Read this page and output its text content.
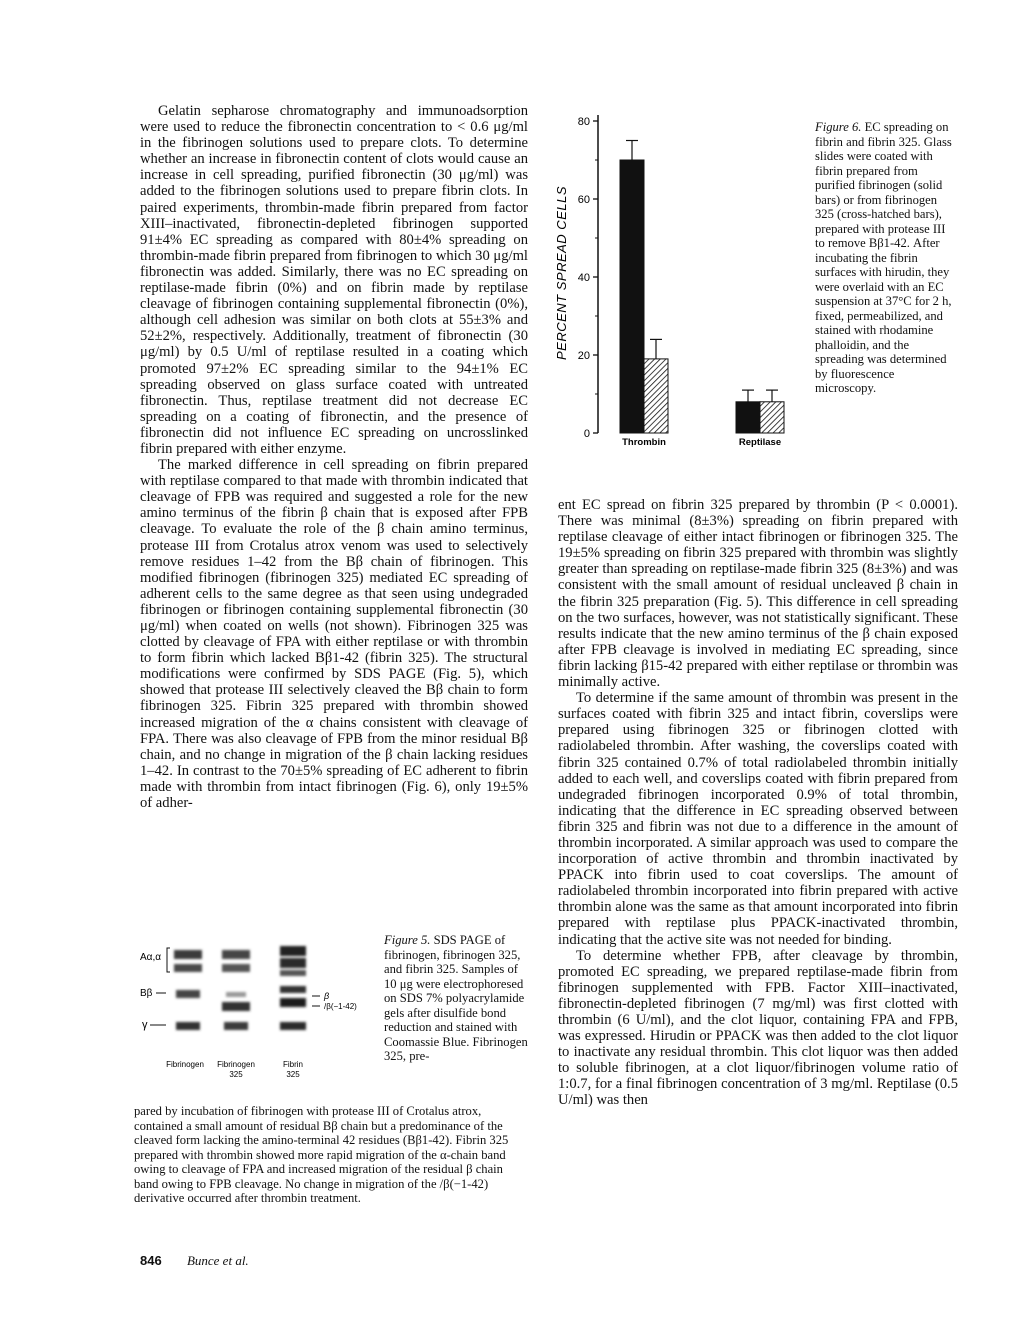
Gelatin sepharose chromatography and immunoadsorption were used to reduce the fibronectin concentration to < 0.6 μg/ml in the fibrinogen solutions used to prepare clots. To determine whether an increase in fibronectin content of clots would cause an increase in cell spreading, purified fibronectin (30 μg/ml) was added to the fibrinogen solutions used to prepare fibrin clots. In paired experiments, thrombin-made fibrin prepared from factor XIII–inactivated, fibronectin-depleted fibrinogen supported 91±4% EC spreading as compared with 80±4% spreading on thrombin-made fibrin prepared from fibrinogen to which 30 μg/ml fibronectin was added. Similarly, there was no EC spreading on reptilase-made fibrin (0%) and on fibrin made by reptilase cleavage of fibrinogen containing supplemental fibronectin (0%), although cell adhesion was similar on both clots at 55±3% and 52±2%, respectively. Additionally, treatment of fibronectin (30 μg/ml) by 0.5 U/ml of reptilase resulted in a coating which promoted 97±2% EC spreading similar to the 94±1% EC spreading observed on glass surface coated with untreated fibronectin. Thus, reptilase treatment did not decrease EC spreading on a coating of fibronectin, and the presence of fibronectin did not influence EC spreading on uncrosslinked fibrin prepared with either enzyme.

The marked difference in cell spreading on fibrin prepared with reptilase compared to that made with thrombin indicated that cleavage of FPB was required and suggested a role for the new amino terminus of the fibrin β chain that is exposed after FPB cleavage. To evaluate the role of the β chain amino terminus, protease III from Crotalus atrox venom was used to selectively remove residues 1–42 from the Bβ chain of fibrinogen. This modified fibrinogen (fibrinogen 325) mediated EC spreading of adherent cells to the same degree as that seen using undegraded fibrinogen or fibrinogen containing supplemental fibronectin (30 μg/ml) when coated on wells (not shown). Fibrinogen 325 was clotted by cleavage of FPA with either reptilase or with thrombin to form fibrin which lacked Bβ1-42 (fibrin 325). The structural modifications were confirmed by SDS PAGE (Fig. 5), which showed that protease III selectively cleaved the Bβ chain to form fibrinogen 325. Fibrin 325 prepared with thrombin showed increased migration of the α chains consistent with cleavage of FPA. There was also cleavage of FPB from the minor residual Bβ chain, and no change in migration of the β chain lacking residues 1–42. In contrast to the 70±5% spreading of EC adherent to fibrin made with thrombin from intact fibrinogen (Fig. 6), only 19±5% of adher-

0
20
40
60
80
PERCENT SPREAD CELLS
Thrombin	Reptilase
Figure 6. EC spreading on fibrin and fibrin 325. Glass slides were coated with fibrin prepared from purified fibrinogen (solid bars) or from fibrinogen 325 (cross-hatched bars), prepared with protease III to remove Bβ1-42. After incubating the fibrin surfaces with hirudin, they were overlaid with an EC suspension at 37°C for 2 h, fixed, permeabilized, and stained with rhodamine phalloidin, and the spreading was determined by fluorescence microscopy.

ent EC spread on fibrin 325 prepared by thrombin (P < 0.0001). There was minimal (8±3%) spreading on fibrin prepared with reptilase cleavage of either intact fibrinogen or fibrinogen 325. The 19±5% spreading on fibrin 325 prepared with thrombin was slightly greater than spreading on reptilase-made fibrin 325 (8±3%) and was consistent with the small amount of residual uncleaved β chain in the fibrin 325 preparation (Fig. 5). This difference in cell spreading on the two surfaces, however, was not statistically significant. These results indicate that the new amino terminus of the β chain exposed after FPB cleavage is involved in mediating EC spreading, since fibrin lacking β15-42 prepared with either reptilase or thrombin was minimally active.

To determine if the same amount of thrombin was present in the surfaces coated with fibrin 325 and intact fibrin, coverslips were prepared using fibrinogen 325 or fibrinogen clotted with radiolabeled thrombin. After washing, the coverslips coated with fibrin 325 contained 0.7% of total radiolabeled thrombin initially added to each well, and coverslips coated with fibrin prepared from undegraded fibrinogen incorporated 0.9% of total thrombin, indicating that the difference in EC spreading observed between fibrin 325 and fibrin was not due to a difference in the amount of thrombin incorporated. A similar approach was used to compare the incorporation of active thrombin and thrombin inactivated by PPACK into fibrin used to coat coverslips. The amount of radiolabeled thrombin incorporated into fibrin prepared with active thrombin alone was the same as that amount incorporated into fibrin prepared with reptilase plus PPACK-inactivated thrombin, indicating that the active site was not needed for binding.

To determine whether FPB, after cleavage by thrombin, promoted EC spreading, we prepared reptilase-made fibrin from fibrinogen supplemented with FPB. Factor XIII–inactivated, fibronectin-depleted fibrinogen (7 mg/ml) was first clotted with thrombin (6 U/ml), and the clot liquor, containing FPA and FPB, was expressed. Hirudin or PPACK was then added to the clot liquor to inactivate any residual thrombin. This clot liquor was then added to soluble fibrinogen, at a clot liquor/fibrinogen volume ratio of 1:0.7, for a final fibrinogen concentration of 3 mg/ml. Reptilase (0.5 U/ml) was then

Aα,α
Bβ
γ
β
/β(−1-42)
Fibrinogen Fibrinogen
325
Fibrin
325
Figure 5. SDS PAGE of fibrinogen, fibrinogen 325, and fibrin 325. Samples of 10 μg were electrophoresed on SDS 7% polyacrylamide gels after disulfide bond reduction and stained with Coomassie Blue. Fibrinogen 325, pre-
pared by incubation of fibrinogen with protease III of Crotalus atrox, contained a small amount of residual Bβ chain but a predominance of the cleaved form lacking the amino-terminal 42 residues (Bβ1-42). Fibrin 325 prepared with thrombin showed more rapid migration of the α-chain band owing to cleavage of FPA and increased migration of the residual β chain band owing to FPB cleavage. No change in migration of the /β(−1-42) derivative occurred after thrombin treatment.
846 Bunce et al.
